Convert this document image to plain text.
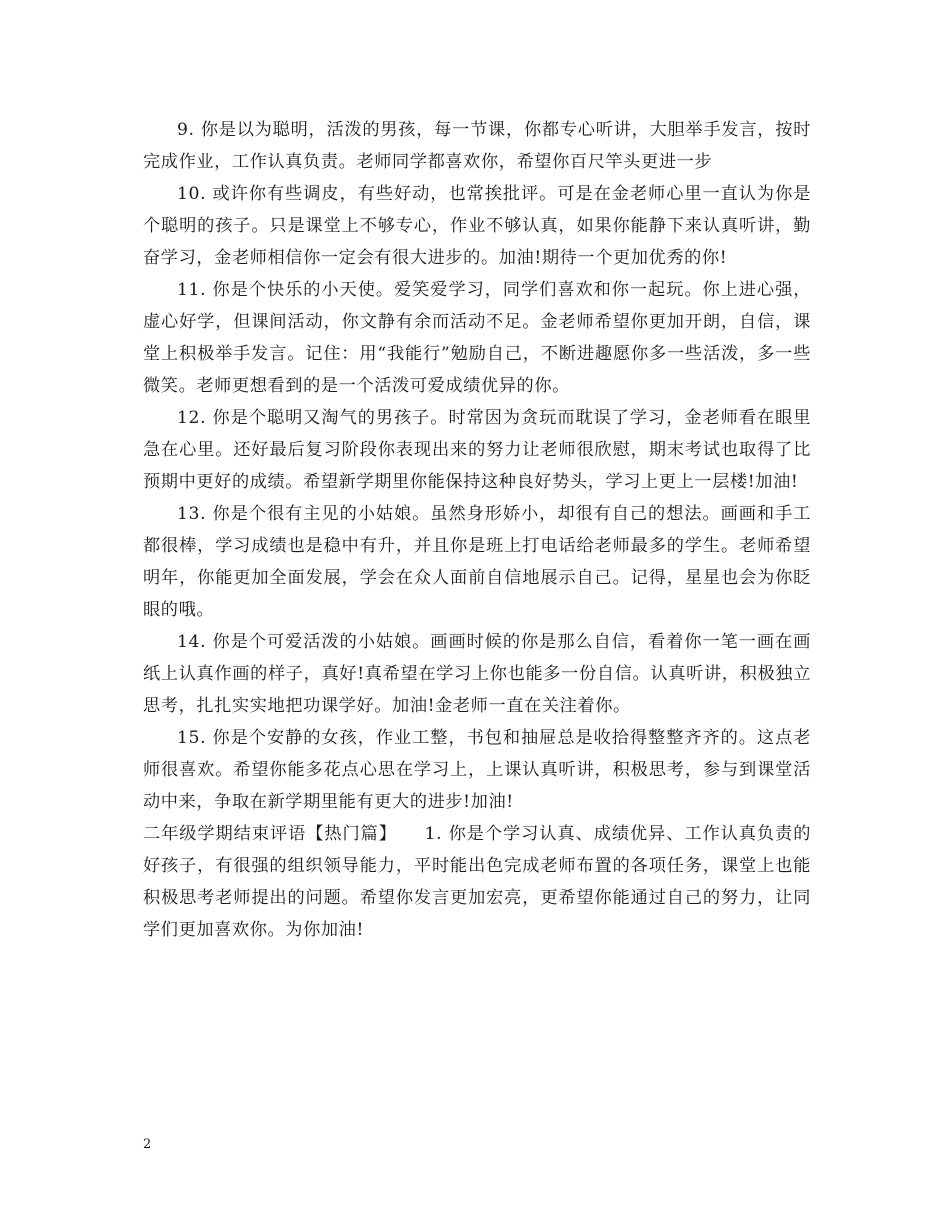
9. 你是以为聪明，活泼的男孩，每一节课，你都专心听讲，大胆举手发言，按时完成作业，工作认真负责。老师同学都喜欢你，希望你百尺竿头更进一步

10. 或许你有些调皮，有些好动，也常挨批评。可是在金老师心里一直认为你是个聪明的孩子。只是课堂上不够专心，作业不够认真，如果你能静下来认真听讲，勤奋学习，金老师相信你一定会有很大进步的。加油!期待一个更加优秀的你!

11. 你是个快乐的小天使。爱笑爱学习，同学们喜欢和你一起玩。你上进心强，虚心好学，但课间活动，你文静有余而活动不足。金老师希望你更加开朗，自信，课堂上积极举手发言。记住：用“我能行”勉励自己，不断进趣愿你多一些活泼，多一些微笑。老师更想看到的是一个活泼可爱成绩优异的你。

12. 你是个聪明又淘气的男孩子。时常因为贪玩而耽误了学习，金老师看在眼里急在心里。还好最后复习阶段你表现出来的努力让老师很欣慰，期末考试也取得了比预期中更好的成绩。希望新学期里你能保持这种良好势头，学习上更上一层楼!加油!

13. 你是个很有主见的小姑娘。虽然身形娇小，却很有自己的想法。画画和手工都很棒，学习成绩也是稳中有升，并且你是班上打电话给老师最多的学生。老师希望明年，你能更加全面发展，学会在众人面前自信地展示自己。记得，星星也会为你眨眼的哦。

14. 你是个可爱活泼的小姑娘。画画时候的你是那么自信，看着你一笔一画在画纸上认真作画的样子，真好!真希望在学习上你也能多一份自信。认真听讲，积极独立思考，扎扎实实地把功课学好。加油!金老师一直在关注着你。

15. 你是个安静的女孩，作业工整，书包和抽屉总是收拾得整整齐齐的。这点老师很喜欢。希望你能多花点心思在学习上，上课认真听讲，积极思考，参与到课堂活动中来，争取在新学期里能有更大的进步!加油!

二年级学期结束评语【热门篇】　　1. 你是个学习认真、成绩优异、工作认真负责的好孩子，有很强的组织领导能力，平时能出色完成老师布置的各项任务，课堂上也能积极思考老师提出的问题。希望你发言更加宏亮，更希望你能通过自己的努力，让同学们更加喜欢你。为你加油!

2
